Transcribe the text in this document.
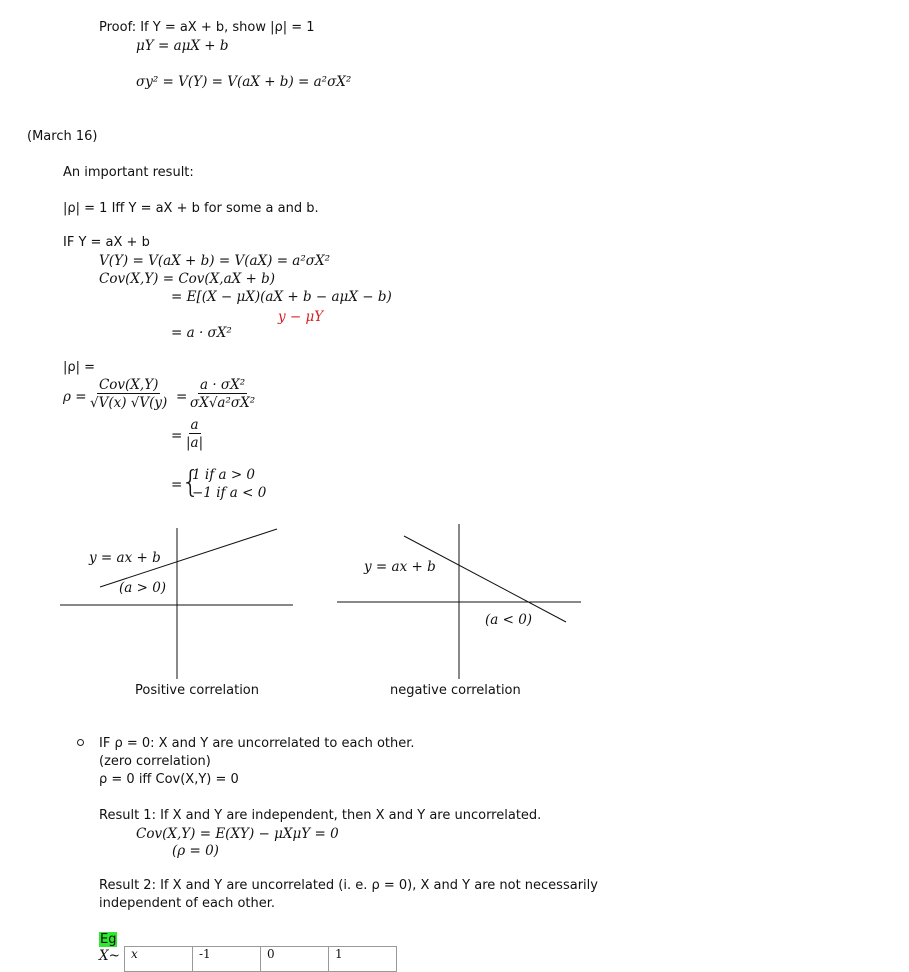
Proof: If Y = aX + b, show |ρ| = 1
μY = aμX + b
σy² = V(Y) = V(aX + b) = a²σX²
(March 16)
An important result:
|ρ| = 1 Iff Y = aX + b for some a and b.
IF Y = aX + b
V(Y) = V(aX + b) = V(aX) = a²σX²
Cov(X,Y) = Cov(X,aX + b)
= E[(X − μX)(aX + b − aμX − b)
y − μY
= a · σX²
|ρ| =
ρ =
Cov(X,Y)
√V(x) $√V(y) = \frac{\text{a · σX²}}{\text{σX√a²σX²}}$
= $\frac{a}{|a|}$
=
{
1 if a > 0
−1 if a < 0
y = ax + b
(a > 0)
Positive correlation
y = ax + b
(a < 0)
negative correlation
IF ρ = 0: X and Y are uncorrelated to each other.
(zero correlation)
ρ = 0 iff Cov(X,Y) = 0
Result 1: If X and Y are independent, then X and Y are uncorrelated.
Cov(X,Y) = E(XY) − μXμY = 0
(ρ = 0)
Result 2: If X and Y are uncorrelated (i. e. ρ = 0), X and Y are not necessarily
independent of each other.
Eg
X~ x	-1	0	1
